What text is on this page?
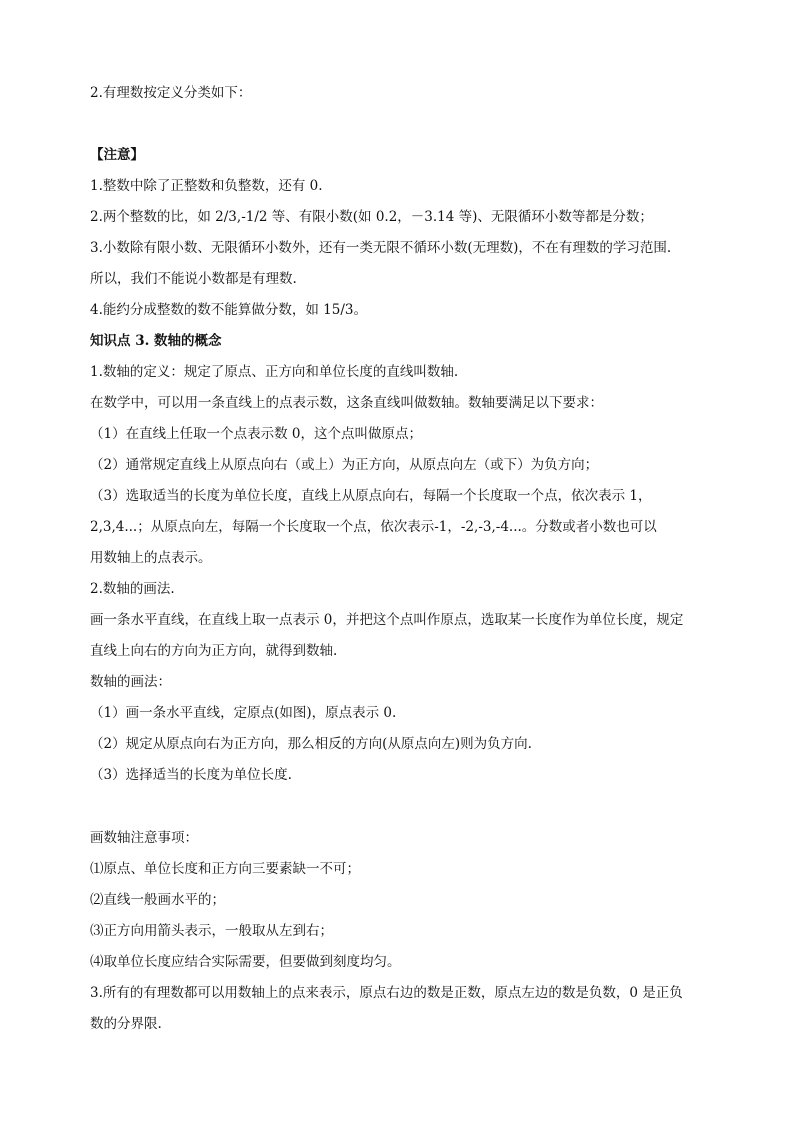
2.有理数按定义分类如下：
【注意】
1.整数中除了正整数和负整数，还有 0.
2.两个整数的比，如 2/3,-1/2 等、有限小数(如 0.2，－3.14 等)、无限循环小数等都是分数；
3.小数除有限小数、无限循环小数外，还有一类无限不循环小数(无理数)，不在有理数的学习范围.
所以，我们不能说小数都是有理数.
4.能约分成整数的数不能算做分数，如 15/3。
知识点 3. 数轴的概念
1.数轴的定义：规定了原点、正方向和单位长度的直线叫数轴.
在数学中，可以用一条直线上的点表示数，这条直线叫做数轴。数轴要满足以下要求：
（1）在直线上任取一个点表示数 0，这个点叫做原点；
（2）通常规定直线上从原点向右（或上）为正方向，从原点向左（或下）为负方向；
（3）选取适当的长度为单位长度，直线上从原点向右，每隔一个长度取一个点，依次表示 1，
2,3,4...；从原点向左，每隔一个长度取一个点，依次表示-1，-2,-3,-4...。分数或者小数也可以
用数轴上的点表示。
2.数轴的画法.
画一条水平直线，在直线上取一点表示 0，并把这个点叫作原点，选取某一长度作为单位长度，规定
直线上向右的方向为正方向，就得到数轴.
数轴的画法：
（1）画一条水平直线，定原点(如图)，原点表示 0.
（2）规定从原点向右为正方向，那么相反的方向(从原点向左)则为负方向.
（3）选择适当的长度为单位长度.
画数轴注意事项：
⑴原点、单位长度和正方向三要素缺一不可；
⑵直线一般画水平的；
⑶正方向用箭头表示，一般取从左到右；
⑷取单位长度应结合实际需要，但要做到刻度均匀。
3.所有的有理数都可以用数轴上的点来表示，原点右边的数是正数，原点左边的数是负数，0 是正负
数的分界限.
